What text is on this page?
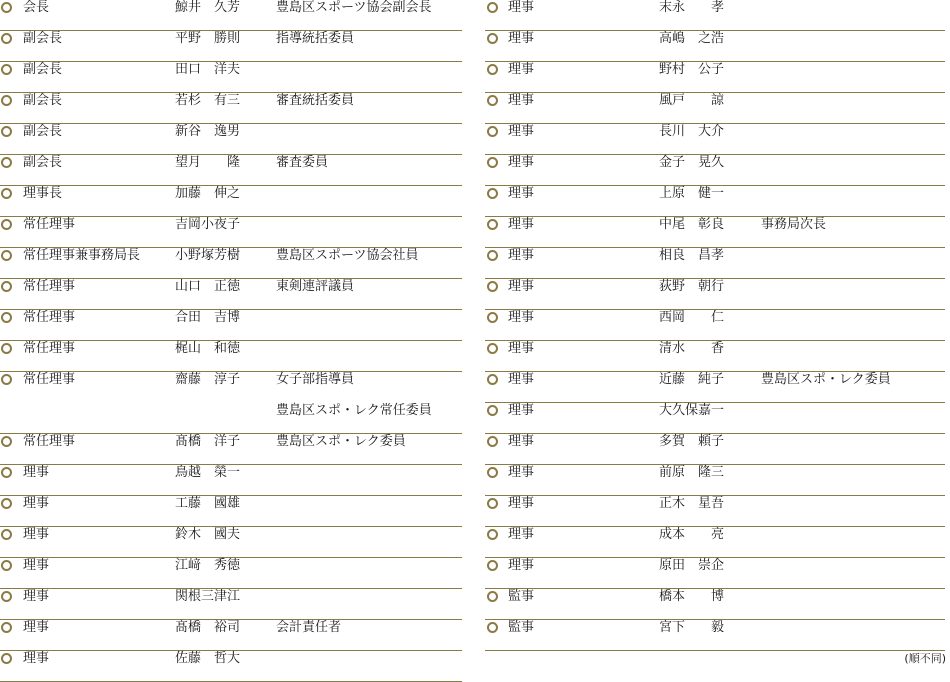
会長	鯨井　久芳	豊島区スポーツ協会副会長
副会長	平野　勝則	指導統括委員
副会長	田口　洋夫
副会長	若杉　有三	審査統括委員
副会長	新谷　逸男
副会長	望月　　隆	審査委員
理事長	加藤　伸之
常任理事	吉岡小夜子
常任理事兼事務局長	小野塚芳樹	豊島区スポーツ協会社員
常任理事	山口　正徳	東剣連評議員
常任理事	合田　吉博
常任理事	梶山　和徳
常任理事	齋藤　淳子	女子部指導員
豊島区スポ・レク常任委員
常任理事	髙橋　洋子	豊島区スポ・レク委員
理事	鳥越　榮一
理事	工藤　國雄
理事	鈴木　國夫
理事	江﨑　秀徳
理事	関根三津江
理事	髙橋　裕司	会計責任者
理事	佐藤　哲大
理事	末永　　孝
理事	高嶋　之浩
理事	野村　公子
理事	風戸　　諒
理事	長川　大介
理事	金子　晃久
理事	上原　健一
理事	中尾　彰良	事務局次長
理事	相良　昌孝
理事	荻野　朝行
理事	西岡　　仁
理事	清水　　香
理事	近藤　純子	豊島区スポ・レク委員
理事	大久保嘉一
理事	多賀　頼子
理事	前原　隆三
理事	正木　星吾
理事	成本　　亮
理事	原田　崇企
監事	橋本　　博
監事	宮下　　毅
(順不同)
